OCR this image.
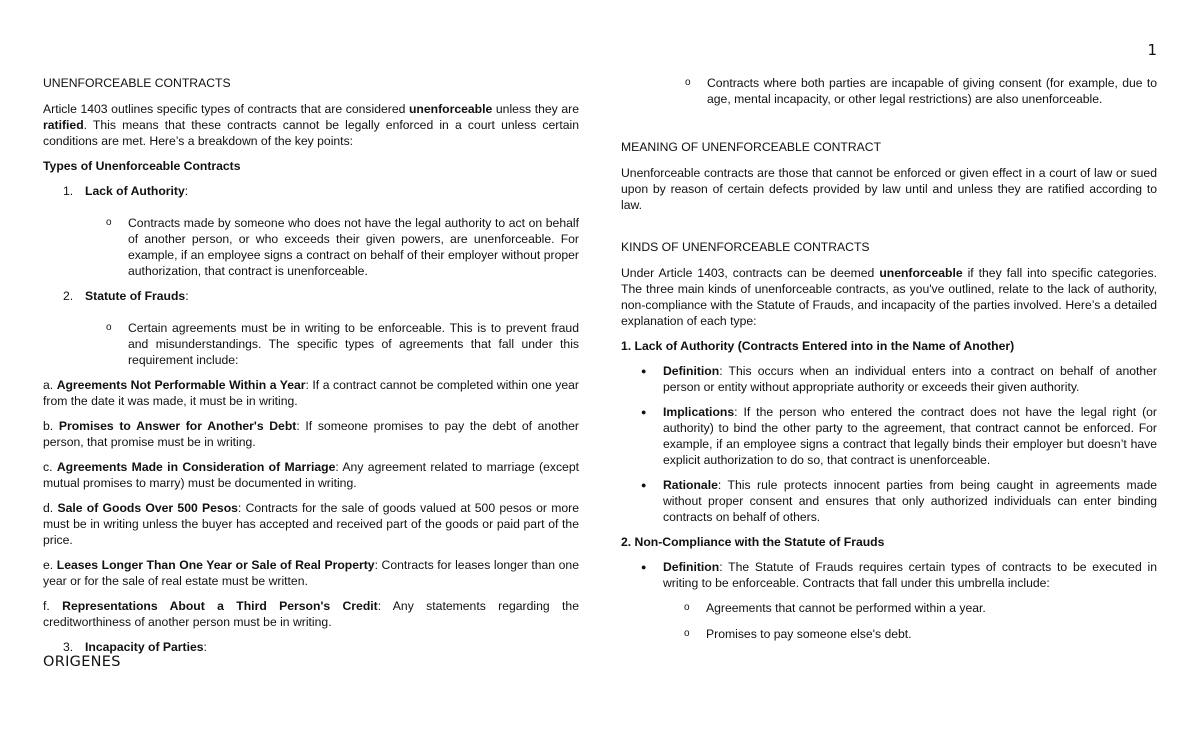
1

UNENFORCEABLE CONTRACTS

Article 1403 outlines specific types of contracts that are considered unenforceable unless they are ratified. This means that these contracts cannot be legally enforced in a court unless certain conditions are met. Here’s a breakdown of the key points:

Types of Unenforceable Contracts

1. Lack of Authority:
o	Contracts made by someone who does not have the legal authority to act on behalf of another person, or who exceeds their given powers, are unenforceable. For example, if an employee signs a contract on behalf of their employer without proper authorization, that contract is unenforceable.
2. Statute of Frauds:
o	Certain agreements must be in writing to be enforceable. This is to prevent fraud and misunderstandings. The specific types of agreements that fall under this requirement include:

a. Agreements Not Performable Within a Year: If a contract cannot be completed within one year from the date it was made, it must be in writing.

b. Promises to Answer for Another's Debt: If someone promises to pay the debt of another person, that promise must be in writing.

c. Agreements Made in Consideration of Marriage: Any agreement related to marriage (except mutual promises to marry) must be documented in writing.

d. Sale of Goods Over 500 Pesos: Contracts for the sale of goods valued at 500 pesos or more must be in writing unless the buyer has accepted and received part of the goods or paid part of the price.

e. Leases Longer Than One Year or Sale of Real Property: Contracts for leases longer than one year or for the sale of real estate must be written.

f. Representations About a Third Person's Credit: Any statements regarding the creditworthiness of another person must be in writing.

3. Incapacity of Parties:
ORIGENES
o	Contracts where both parties are incapable of giving consent (for example, due to age, mental incapacity, or other legal restrictions) are also unenforceable.

MEANING OF UNENFORCEABLE CONTRACT

Unenforceable contracts are those that cannot be enforced or given effect in a court of law or sued upon by reason of certain defects provided by law until and unless they are ratified according to law.

KINDS OF UNENFORCEABLE CONTRACTS

Under Article 1403, contracts can be deemed unenforceable if they fall into specific categories. The three main kinds of unenforceable contracts, as you've outlined, relate to the lack of authority, non-compliance with the Statute of Frauds, and incapacity of the parties involved. Here’s a detailed explanation of each type:

1. Lack of Authority (Contracts Entered into in the Name of Another)

●	Definition: This occurs when an individual enters into a contract on behalf of another person or entity without appropriate authority or exceeds their given authority.
●	Implications: If the person who entered the contract does not have the legal right (or authority) to bind the other party to the agreement, that contract cannot be enforced. For example, if an employee signs a contract that legally binds their employer but doesn’t have explicit authorization to do so, that contract is unenforceable.
●	Rationale: This rule protects innocent parties from being caught in agreements made without proper consent and ensures that only authorized individuals can enter binding contracts on behalf of others.

2. Non-Compliance with the Statute of Frauds

●	Definition: The Statute of Frauds requires certain types of contracts to be executed in writing to be enforceable. Contracts that fall under this umbrella include:
o	Agreements that cannot be performed within a year.
o	Promises to pay someone else's debt.
